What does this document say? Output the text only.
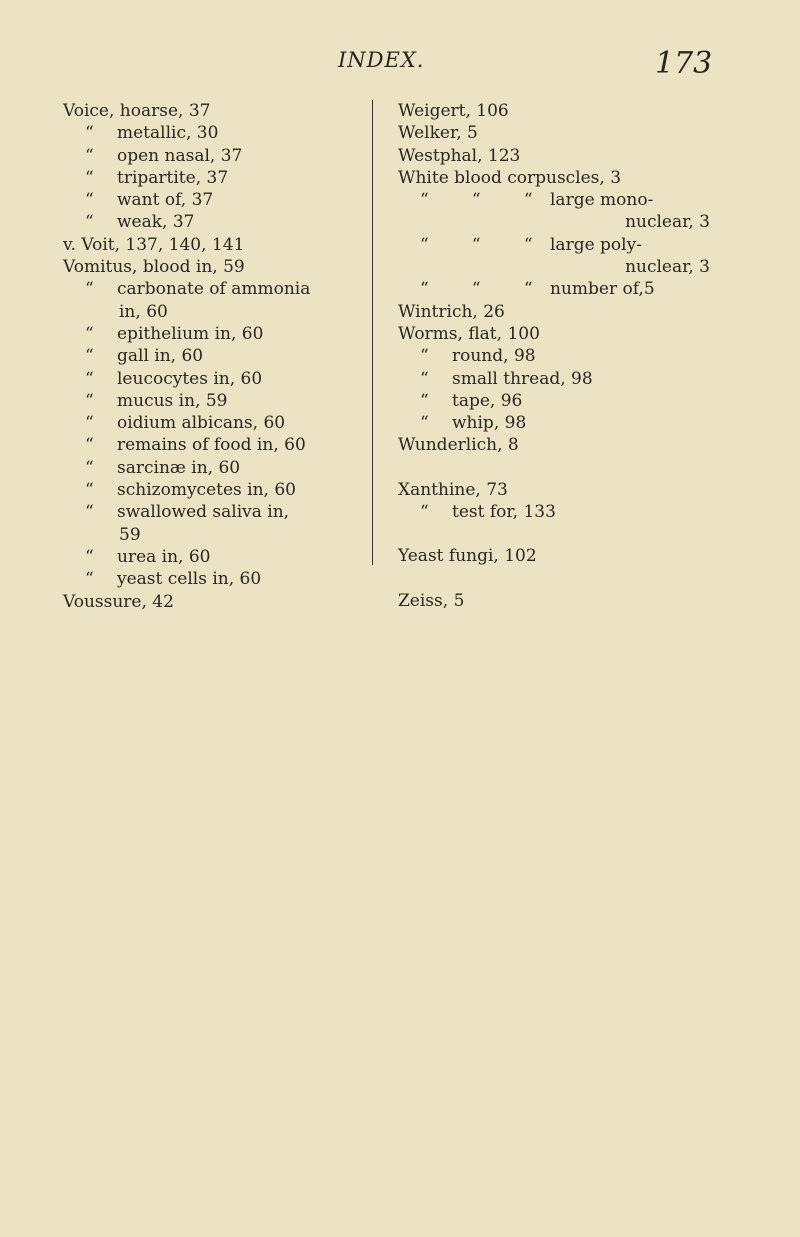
INDEX.	173
Voice, hoarse, 37
“ metallic, 30
“ open nasal, 37
“ tripartite, 37
“ want of, 37
“ weak, 37
v. Voit, 137, 140, 141
Vomitus, blood in, 59
“ carbonate of ammonia
in, 60
“ epithelium in, 60
“ gall in, 60
“ leucocytes in, 60
“ mucus in, 59
“ oidium albicans, 60
“ remains of food in, 60
“ sarcinæ in, 60
“ schizomycetes in, 60
“ swallowed saliva in,
59
“ urea in, 60
“ yeast cells in, 60
Voussure, 42
Weigert, 106
Welker, 5
Westphal, 123
White blood corpuscles, 3
“        “        “ large mono-
nuclear, 3
“        “        “ large poly-
nuclear, 3
“        “        “ number of,5
Wintrich, 26
Worms, flat, 100
“ round, 98
“ small thread, 98
“ tape, 96
“ whip, 98
Wunderlich, 8
Xanthine, 73
“ test for, 133
Yeast fungi, 102
Zeiss, 5
